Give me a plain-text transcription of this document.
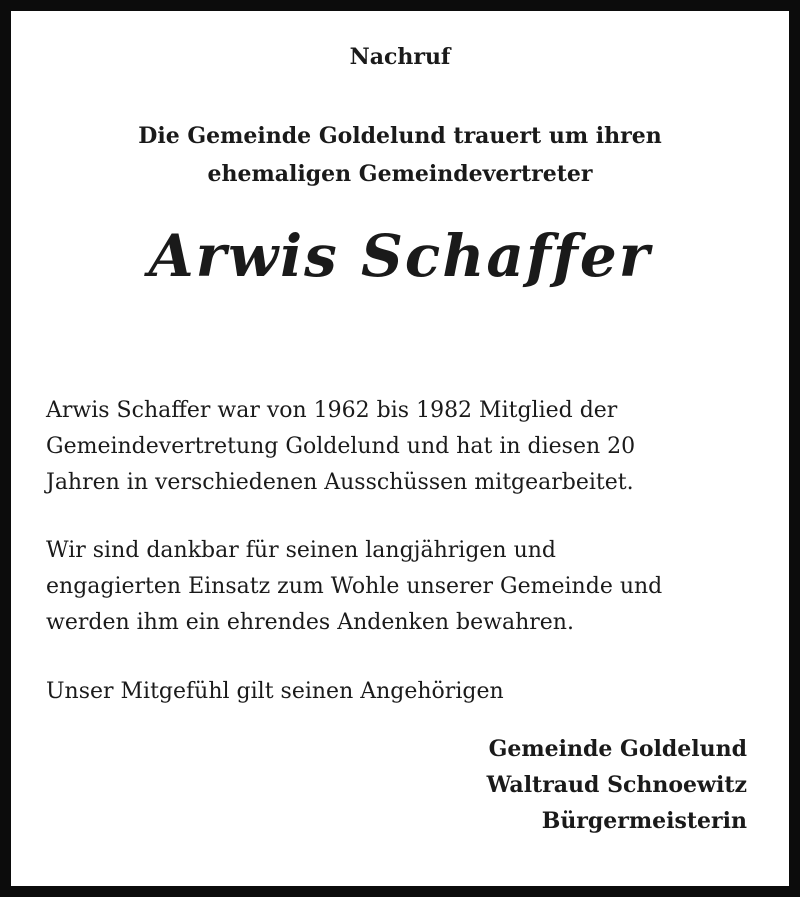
Nachruf
Die Gemeinde Goldelund trauert um ihren
ehemaligen Gemeindevertreter
Arwis Schaffer

Arwis Schaffer war von 1962 bis 1982 Mitglied der
Gemeindevertretung Goldelund und hat in diesen 20
Jahren in verschiedenen Ausschüssen mitgearbeitet.

Wir sind dankbar für seinen langjährigen und
engagierten Einsatz zum Wohle unserer Gemeinde und
werden ihm ein ehrendes Andenken bewahren.

Unser Mitgefühl gilt seinen Angehörigen

Gemeinde Goldelund
Waltraud Schnoewitz
Bürgermeisterin
